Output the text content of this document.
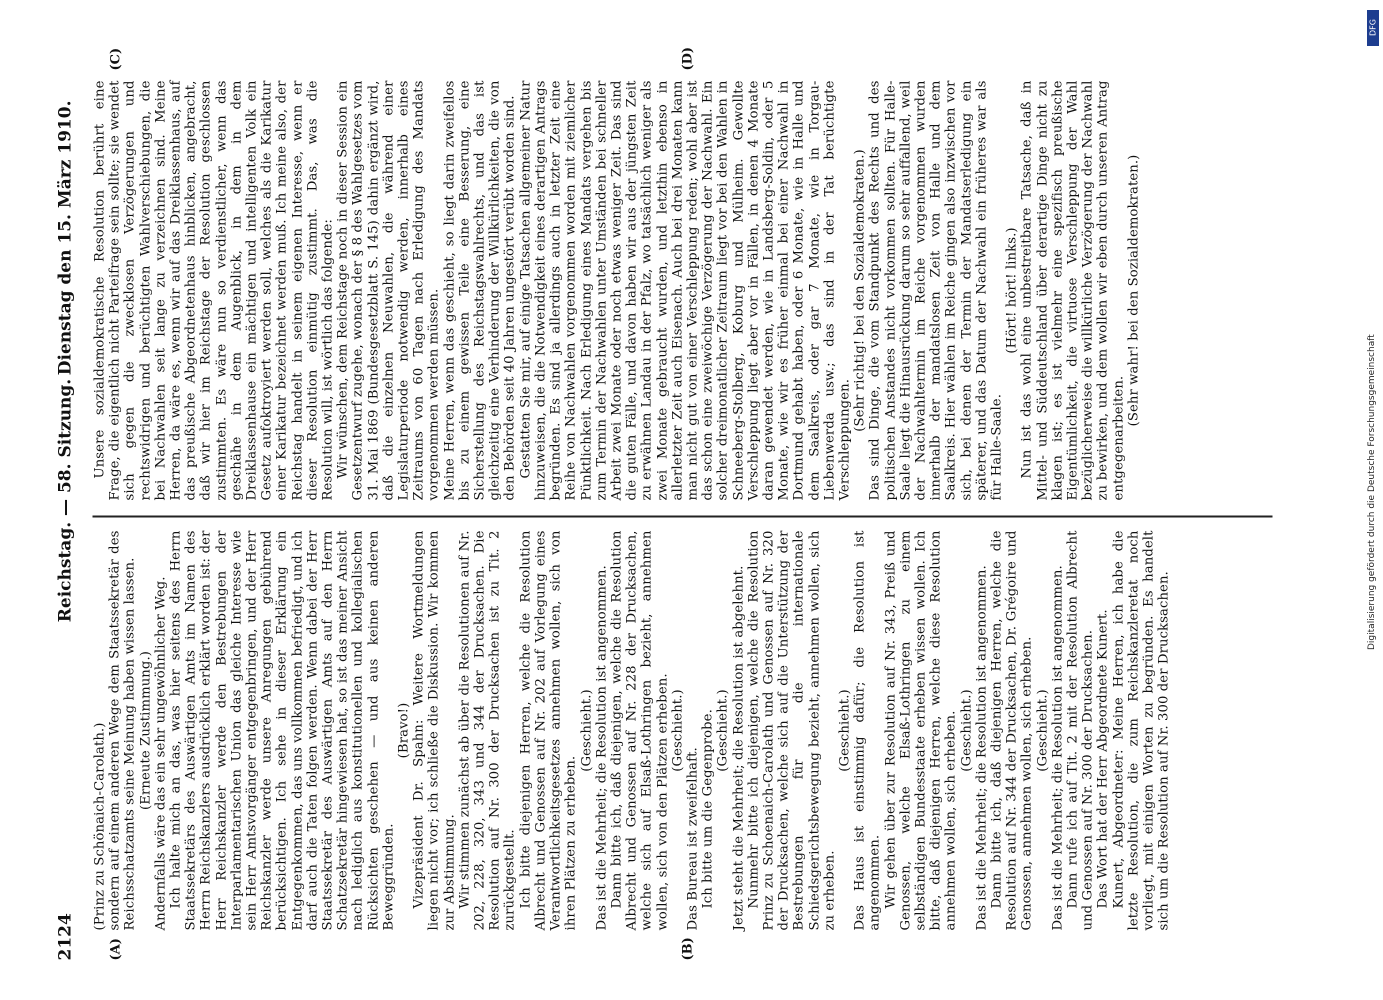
2124
Reichstag. — 58. Sitzung.
Dienstag den 15. März 1910.
(A)	(B)
(C)	(D)

(Prinz zu Schönaich-Carolath.) sondern auf einem anderen Wege dem Staatssekretär des Reichsschatzamts seine Meinung haben wissen lassen. (Erneute Zustimmung.) Andernfalls wäre das ein sehr ungewöhnlicher Weg. Ich halte mich an das, was hier seitens des Herrn Staatssekretärs des Auswärtigen Amts im Namen des Herrn Reichskanzlers ausdrücklich erklärt worden ist: der Herr Reichskanzler werde den Bestrebungen der Interparlamentarischen Union das gleiche Interesse wie sein Herr Amtsvorgänger entgegenbringen, und der Herr Reichskanzler werde unsere Anregungen gebührend berücksichtigen. Ich sehe in dieser Erklärung ein Entgegenkommen, das uns vollkommen befriedigt, und ich darf auch die Taten folgen werden. Wenn dabei der Herr Staatssekretär des Auswärtigen Amts auf den Herrn Schatzsekretär hingewiesen hat, so ist das meiner Ansicht nach lediglich aus konstitutionellen und kollegialischen Rücksichten geschehen — und aus keinen anderen Beweggründen.

(Bravo!) Vizepräsident Dr. Spahn: Weitere Wortmeldungen liegen nicht vor; ich schließe die Diskussion. Wir kommen zur Abstimmung. Wir stimmen zunächst ab über die Resolutionen auf Nr. 202, 228, 320, 343 und 344 der Drucksachen. Die Resolution auf Nr. 300 der Drucksachen ist zu Tit. 2 zurückgestellt. Ich bitte diejenigen Herren, welche die Resolution Albrecht und Genossen auf Nr. 202 auf Vorlegung eines Verantwortlichkeitsgesetzes annehmen wollen, sich von ihren Plätzen zu erheben.

(Geschieht.) Das ist die Mehrheit; die Resolution ist angenommen. Dann bitte ich, daß diejenigen, welche die Resolution Albrecht und Genossen auf Nr. 228 der Drucksachen, welche sich auf Elsaß-Lothringen bezieht, annehmen wollen, sich von den Plätzen erheben. (Geschieht.)

Das Bureau ist zweifelhaft. Ich bitte um die Gegenprobe. (Geschieht.) Jetzt steht die Mehrheit; die Resolution ist abgelehnt. Nunmehr bitte ich diejenigen, welche die Resolution Prinz zu Schoenaich-Carolath und Genossen auf Nr. 320 der Drucksachen, welche sich auf die Unterstützung der Bestrebungen für die internationale Schiedsgerichtsbewegung bezieht, annehmen wollen, sich zu erheben.

(Geschieht.) Das Haus ist einstimmig dafür; die Resolution ist angenommen. Wir gehen über zur Resolution auf Nr. 343, Preiß und Genossen, welche Elsaß-Lothringen zu einem selbständigen Bundesstaate erheben wissen wollen. Ich bitte, daß diejenigen Herren, welche diese Resolution annehmen wollen, sich erheben. (Geschieht.) Das ist die Mehrheit; die Resolution ist angenommen. Dann bitte ich, daß diejenigen Herren, welche die Resolution auf Nr. 344 der Drucksachen, Dr. Grégoire und Genossen, annehmen wollen, sich erheben. (Geschieht.) Das ist die Mehrheit; die Resolution ist angenommen. Dann rufe ich auf Tit. 2 mit der Resolution Albrecht und Genossen auf Nr. 300 der Drucksachen. Das Wort hat der Herr Abgeordnete Kunert. Kunert, Abgeordneter: Meine Herren, ich habe die letzte Resolution, die zum Reichskanzleretat noch vorliegt, mit einigen Worten zu begründen. Es handelt sich um die Resolution auf Nr. 300 der Drucksachen.

Unsere sozialdemokratische Resolution berührt eine Frage, die eigentlich nicht Parteifrage sein sollte; sie wendet sich gegen die zwecklosen Verzögerungen und rechtswidrigen und berüchtigten Wahlverschiebungen, die bei Nachwahlen seit lange zu verzeichnen sind. Meine Herren, da wäre es, wenn wir auf das Dreiklassenhaus, auf das preußische Abgeordnetenhaus hinblicken, angebracht, daß wir hier im Reichstage der Resolution geschlossen zustimmten. Es wäre nun so verdienstlicher, wenn das geschähe in dem Augenblick, in dem in dem Dreiklassenhause ein mächtigen und intelligenten Volk ein Gesetz aufoktroyiert werden soll, welches als die Karikatur einer Karikatur bezeichnet werden muß. Ich meine also, der Reichstag handelt in seinem eigenen Interesse, wenn er dieser Resolution einmütig zustimmt. Das, was die Resolution will, ist wörtlich das folgende: Wir wünschen, dem Reichstage noch in dieser Session ein Gesetzentwurf zugehe, wonach der § 8 des Wahlgesetzes vom 31. Mai 1869 (Bundesgesetzblatt S. 145) dahin ergänzt wird, daß die einzelnen Neuwahlen, die während einer Legislaturperiode notwendig werden, innerhalb eines Zeitraums von 60 Tagen nach Erledigung des Mandats vorgenommen werden müssen. Meine Herren, wenn das geschieht, so liegt darin zweifellos bis zu einem gewissen Teile eine Besserung, eine Sicherstellung des Reichstagswahlrechts, und das ist gleichzeitig eine Verhinderung der Willkürlichkeiten, die von den Behörden seit 40 Jahren ungestört verübt worden sind. Gestatten Sie mir, auf einige Tatsachen allgemeiner Natur hinzuweisen, die die Notwendigkeit eines derartigen Antrags begründen. Es sind ja allerdings auch in letzter Zeit eine Reihe von Nachwahlen vorgenommen worden mit ziemlicher Pünktlichkeit. Nach Erledigung eines Mandats vergehen bis zum Termin der Nachwahlen unter Umständen bei schneller Arbeit zwei Monate oder noch etwas weniger Zeit. Das sind die guten Fälle, und davon haben wir aus der jüngsten Zeit zu erwähnen Landau in der Pfalz, wo tatsächlich weniger als zwei Monate gebraucht wurden, und letzthin ebenso in allerletzter Zeit auch Eisenach. Auch bei drei Monaten kann man nicht gut von einer Verschleppung reden; wohl aber ist das schon eine zweiwöchige Verzögerung der Nachwahl. Ein solcher dreimonatlicher Zeitraum liegt vor bei den Wahlen in Schneeberg-Stolberg, Koburg und Mülheim. Gewollte Verschleppung liegt aber vor in Fällen, in denen 4 Monate daran gewendet werden, wie in Landsberg-Soldin, oder 5 Monate, wie wir es früher einmal bei einer Nachwahl in Dortmund gehabt haben, oder 6 Monate, wie in Halle und dem Saalkreis, oder gar 7 Monate, wie in Torgau-Liebenwerda usw.; das sind in der Tat berüchtigte Verschleppungen.

(Sehr richtig! bei den Sozialdemokraten.) Das sind Dinge, die vom Standpunkt des Rechts und des politischen Anstandes nicht vorkommen sollten. Für Halle-Saale liegt die Hinausrückung darum so sehr auffallend, weil der Nachwahltermin im Reiche vorgenommen wurden innerhalb der mandatslosen Zeit von Halle und dem Saalkreis. Hier wählen im Reiche gingen also inzwischen vor sich, bei denen der Termin der Mandatserledigung ein späterer, und das Datum der Nachwahl ein früheres war als für Halle-Saale.

(Hört! hört! links.) Nun ist das wohl eine unbestreitbare Tatsache, daß in Mittel- und Süddeutschland über derartige Dinge nicht zu klagen ist; es ist vielmehr eine spezifisch preußische Eigentümlichkeit, die virtuose Verschleppung der Wahl bezüglicherweise die willkürliche Verzögerung der Nachwahl zu bewirken, und dem wollen wir eben durch unseren Antrag entgegenarbeiten.

(Sehr wahr! bei den Sozialdemokraten.)

DFG
Digitalisierung gefördert durch die Deutsche Forschungsgemeinschaft
